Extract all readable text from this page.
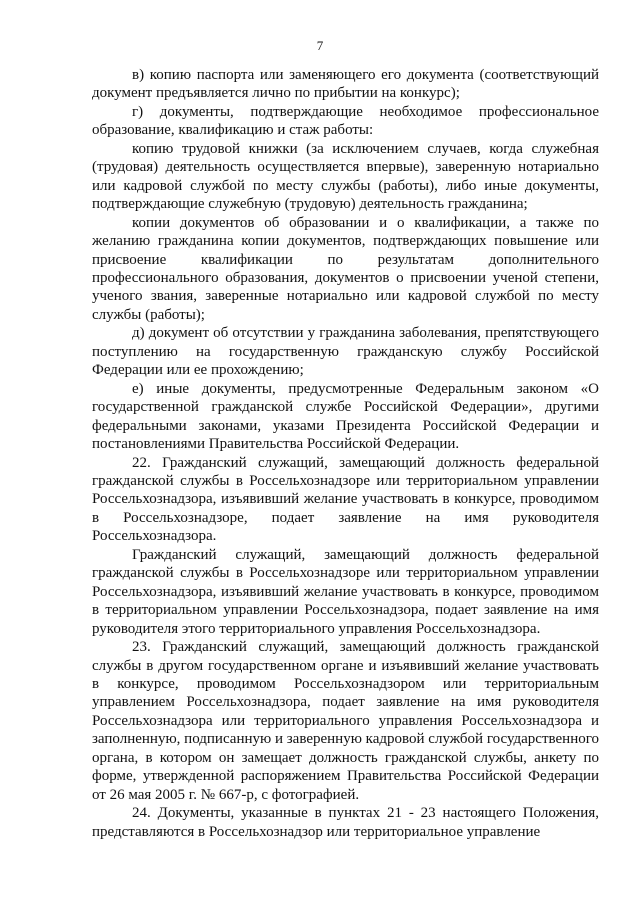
7

в) копию паспорта или заменяющего его документа (соответствующий документ предъявляется лично по прибытии на конкурс);

г) документы, подтверждающие необходимое профессиональное образование, квалификацию и стаж работы:

копию трудовой книжки (за исключением случаев, когда служебная (трудовая) деятельность осуществляется впервые), заверенную нотариально или кадровой службой по месту службы (работы), либо иные документы, подтверждающие служебную (трудовую) деятельность гражданина;

копии документов об образовании и о квалификации, а также по желанию гражданина копии документов, подтверждающих повышение или присвоение квалификации по результатам дополнительного профессионального образования, документов о присвоении ученой степени, ученого звания, заверенные нотариально или кадровой службой по месту службы (работы);

д) документ об отсутствии у гражданина заболевания, препятствующего поступлению на государственную гражданскую службу Российской Федерации или ее прохождению;

е) иные документы, предусмотренные Федеральным законом «О государственной гражданской службе Российской Федерации», другими федеральными законами, указами Президента Российской Федерации и постановлениями Правительства Российской Федерации.

22. Гражданский служащий, замещающий должность федеральной гражданской службы в Россельхознадзоре или территориальном управлении Россельхознадзора, изъявивший желание участвовать в конкурсе, проводимом в Россельхознадзоре, подает заявление на имя руководителя Россельхознадзора.

Гражданский служащий, замещающий должность федеральной гражданской службы в Россельхознадзоре или территориальном управлении Россельхознадзора, изъявивший желание участвовать в конкурсе, проводимом в территориальном управлении Россельхознадзора, подает заявление на имя руководителя этого территориального управления Россельхознадзора.

23. Гражданский служащий, замещающий должность гражданской службы в другом государственном органе и изъявивший желание участвовать в конкурсе, проводимом Россельхознадзором или территориальным управлением Россельхознадзора, подает заявление на имя руководителя Россельхознадзора или территориального управления Россельхознадзора и заполненную, подписанную и заверенную кадровой службой государственного органа, в котором он замещает должность гражданской службы, анкету по форме, утвержденной распоряжением Правительства Российской Федерации от 26 мая 2005 г. № 667-р, с фотографией.

24. Документы, указанные в пунктах 21 - 23 настоящего Положения, представляются в Россельхознадзор или территориальное управление
